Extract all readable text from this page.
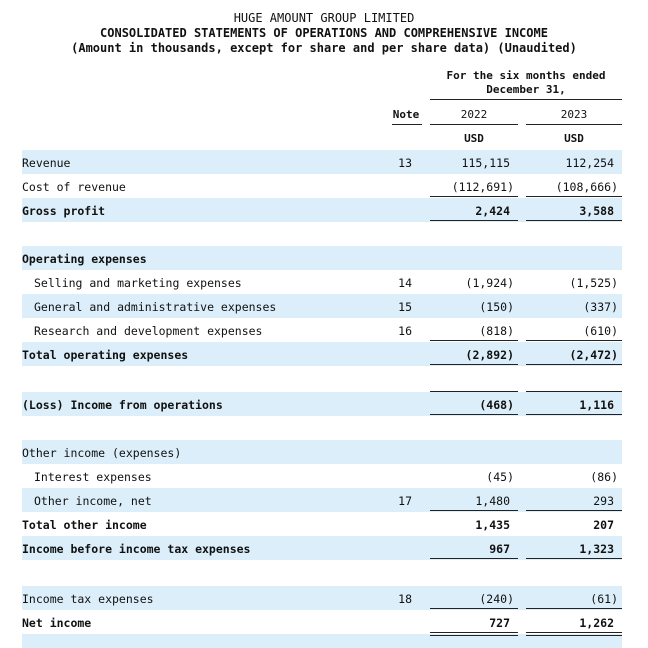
HUGE AMOUNT GROUP LIMITED
CONSOLIDATED STATEMENTS OF OPERATIONS AND COMPREHENSIVE INCOME
(Amount in thousands, except for share and per share data) (Unaudited)
For the six months ended
December 31,
Note	2022	2023
USD	USD
Revenue	13	115,115	112,254
Cost of revenue	(112,691)	(108,666)
Gross profit	2,424	3,588
Operating expenses
Selling and marketing expenses	14	(1,924)	(1,525)
General and administrative expenses	15	(150)	(337)
Research and development expenses	16	(818)	(610)
Total operating expenses	(2,892)	(2,472)
(Loss) Income from operations	(468)	1,116
Other income (expenses)
Interest expenses	(45)	(86)
Other income, net	17	1,480	293
Total other income	1,435	207
Income before income tax expenses	967	1,323
Income tax expenses	18	(240)	(61)
Net income	727	1,262
